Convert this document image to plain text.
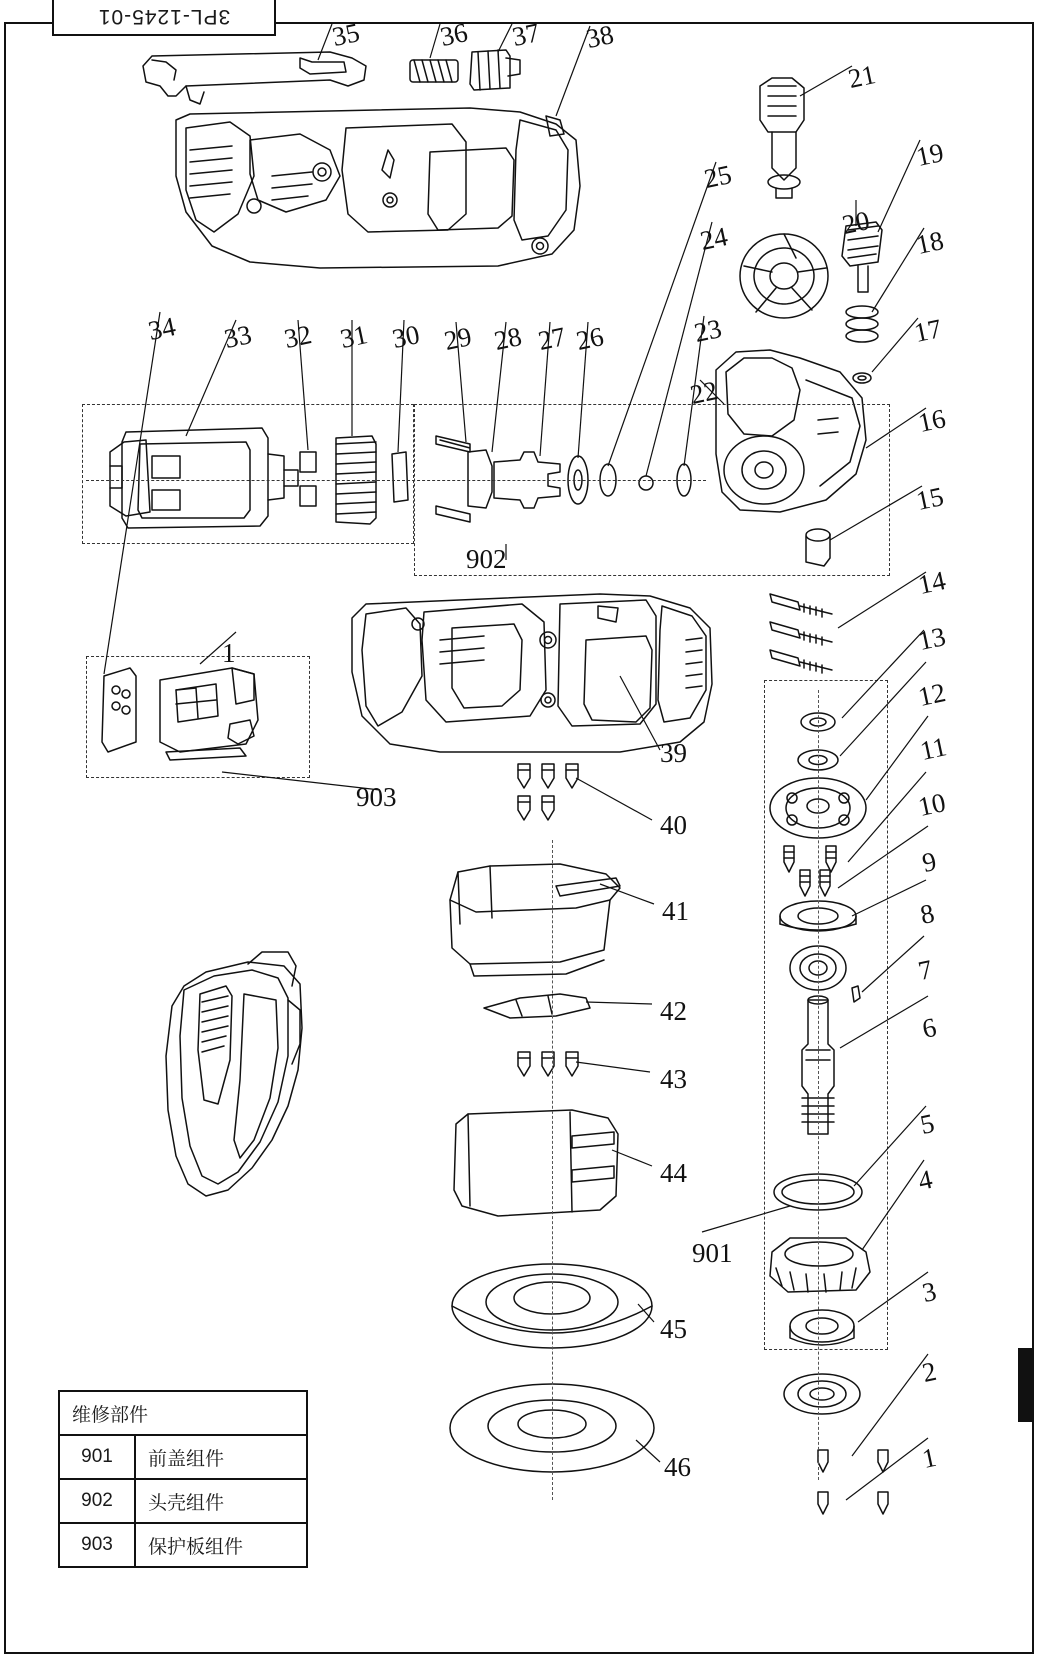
3PL-1245-01
35	36 37 38
21
19
20
18
17
16
15
14
13
12
11
10
9
8
7
6
5
4
3
2
1
34 33 32 31 30 29 28 27 26
25
24
23
22
1
902
903
901
39
40
41
42
43
44
45
46
维修部件
901	前盖组件
902	头壳组件
903	保护板组件
